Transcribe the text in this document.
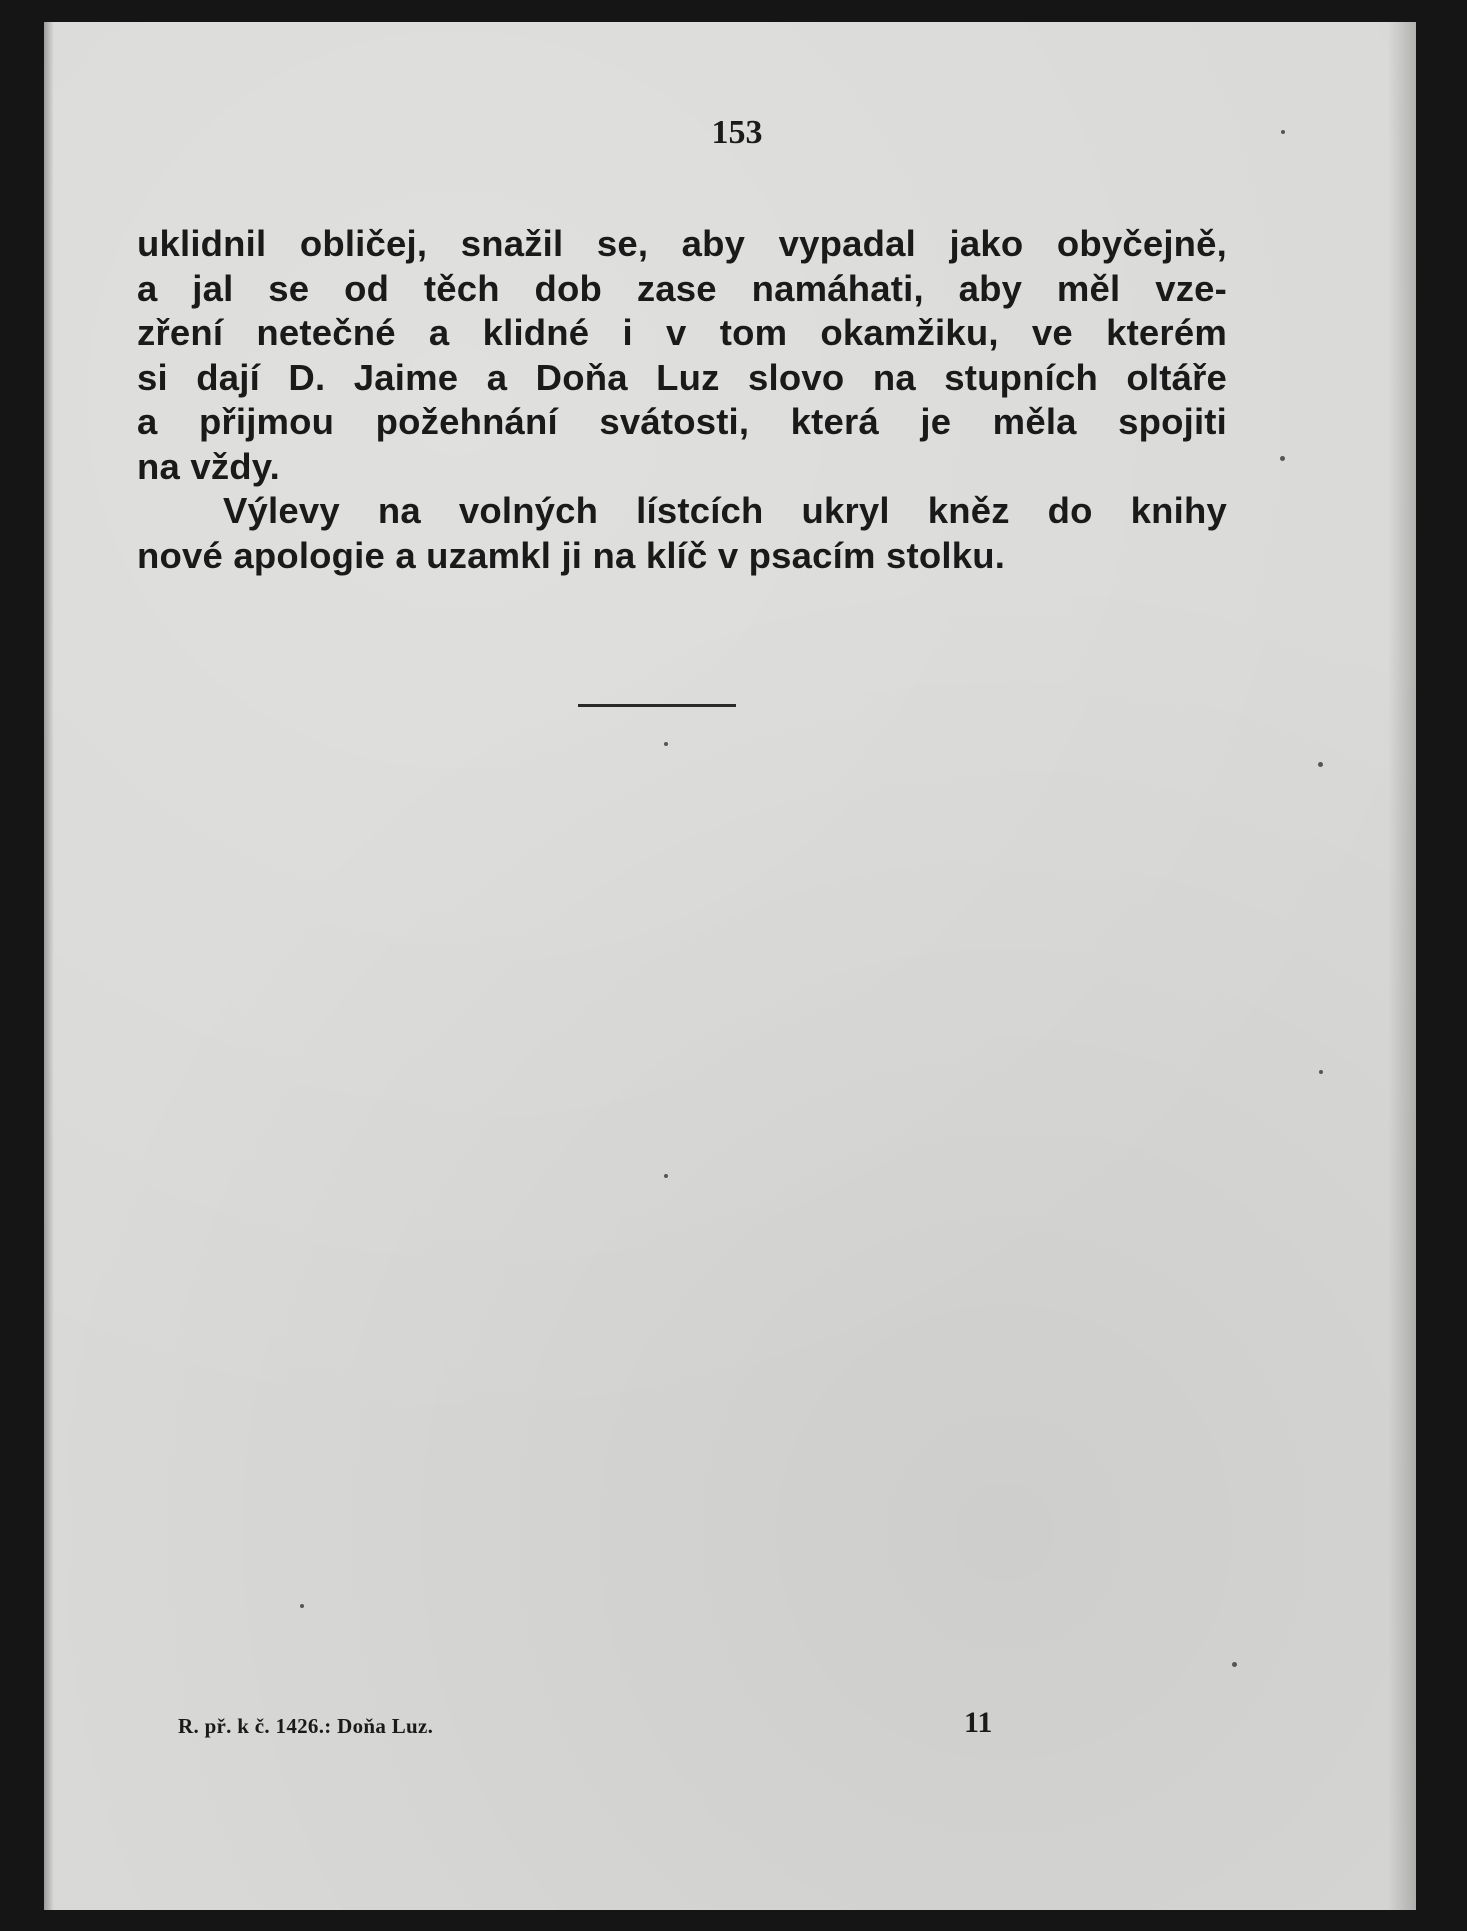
153
uklidnil obličej, snažil se, aby vypadal jako obyčejně,
a jal se od těch dob zase namáhati, aby měl vze-
zření netečné a klidné i v tom okamžiku, ve kterém
si dají D. Jaime a Doňa Luz slovo na stupních oltáře
a přijmou požehnání svátosti, která je měla spojiti
na vždy.
Výlevy na volných lístcích ukryl kněz do knihy
nové apologie a uzamkl ji na klíč v psacím stolku.
R. př. k č. 1426.: Doňa Luz.	11
